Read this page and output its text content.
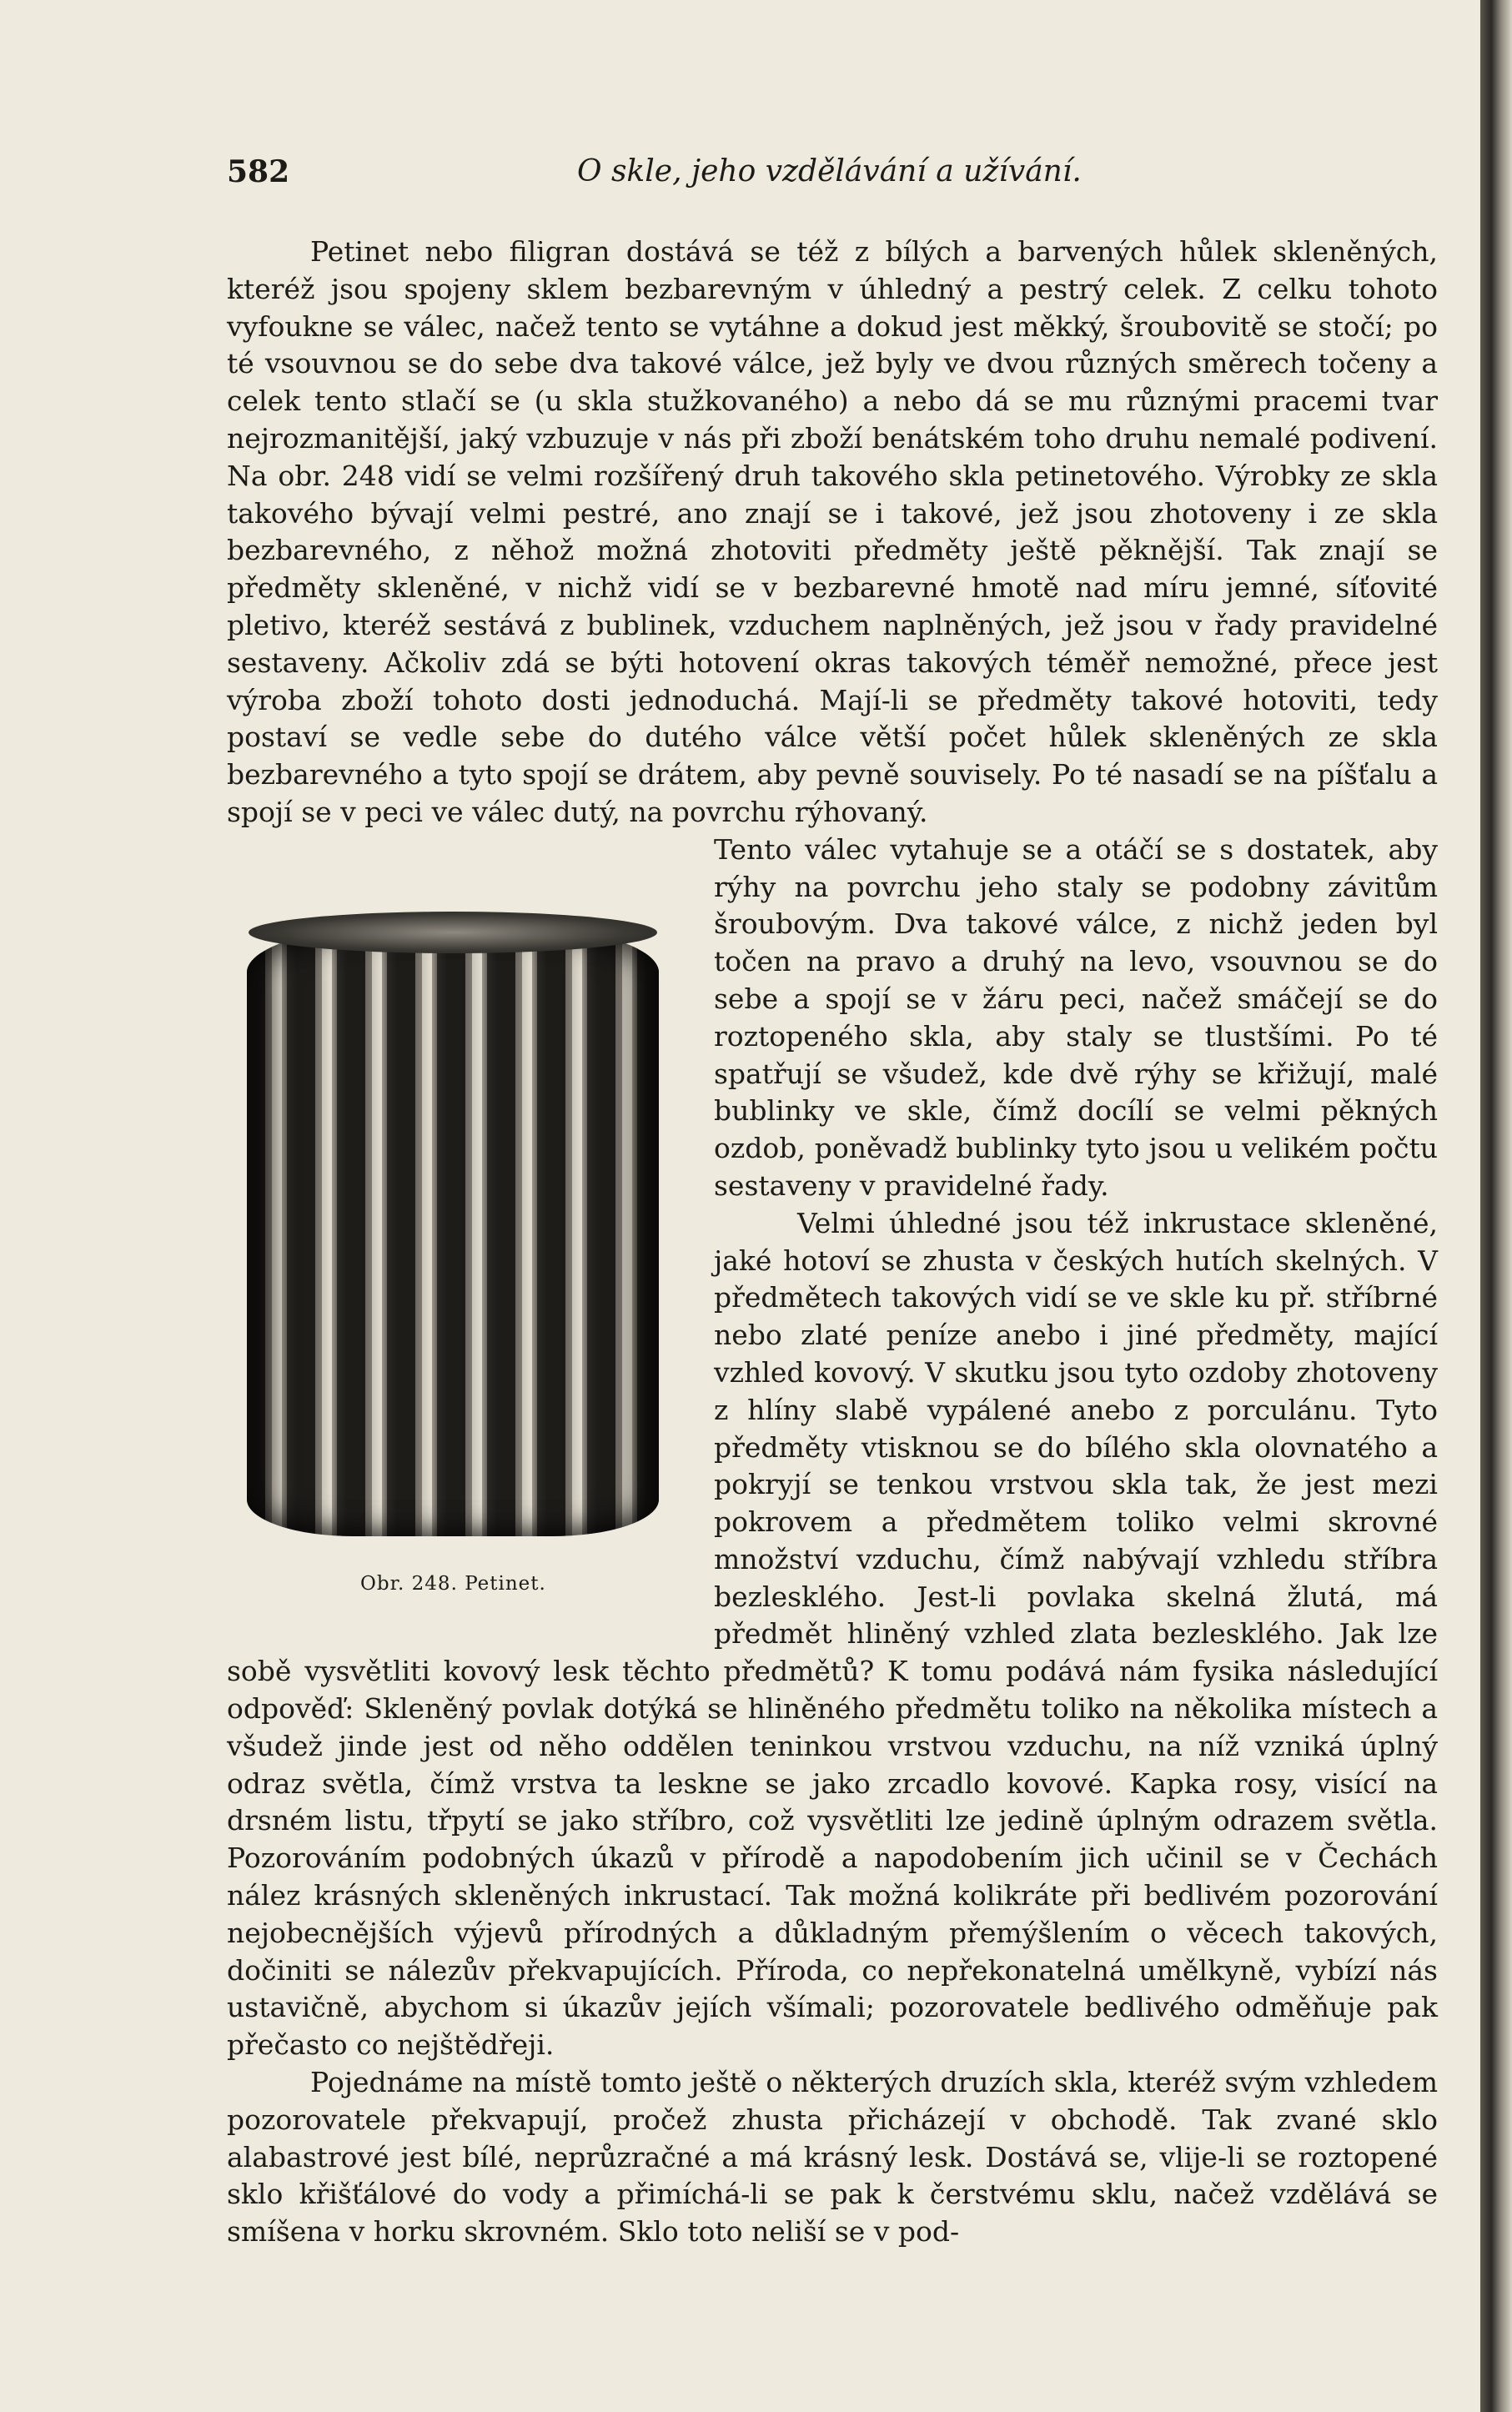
582	O skle, jeho vzdělávání a užívání.

Petinet nebo filigran dostává se též z bílých a barvených hůlek skleněných, kteréž jsou spojeny sklem bezbarevným v úhledný a pestrý celek. Z celku tohoto vyfoukne se válec, načež tento se vytáhne a dokud jest měkký, šroubovitě se stočí; po té vsouvnou se do sebe dva takové válce, jež byly ve dvou různých směrech točeny a celek tento stlačí se (u skla stužkovaného) a nebo dá se mu různými pracemi tvar nejrozmanitější, jaký vzbuzuje v nás při zboží benátském toho druhu nemalé podivení. Na obr. 248 vidí se velmi rozšířený druh takového skla petinetového. Výrobky ze skla takového bývají velmi pestré, ano znají se i takové, jež jsou zhotoveny i ze skla bezbarevného, z něhož možná zhotoviti předměty ještě pěknější. Tak znají se předměty skleněné, v nichž vidí se v bezbarevné hmotě nad míru jemné, síťovité pletivo, kteréž sestává z bublinek, vzduchem naplněných, jež jsou v řady pravidelné sestaveny. Ačkoliv zdá se býti hotovení okras takových téměř nemožné, přece jest výroba zboží tohoto dosti jednoduchá. Mají-li se předměty takové hotoviti, tedy postaví se vedle sebe do dutého válce větší počet hůlek skleněných ze skla bezbarevného a tyto spojí se drátem, aby pevně souvisely. Po té nasadí se na píšťalu a spojí se v peci ve válec dutý, na povrchu rýhovaný.

Obr. 248. Petinet.

Tento válec vytahuje se a otáčí se s dostatek, aby rýhy na povrchu jeho staly se podobny závitům šroubovým. Dva takové válce, z nichž jeden byl točen na pravo a druhý na levo, vsouvnou se do sebe a spojí se v žáru peci, načež smáčejí se do roztopeného skla, aby staly se tlustšími. Po té spatřují se všudež, kde dvě rýhy se křižují, malé bublinky ve skle, čímž docílí se velmi pěkných ozdob, poněvadž bublinky tyto jsou u velikém počtu sestaveny v pravidelné řady.

Velmi úhledné jsou též inkrustace skleněné, jaké hotoví se zhusta v českých hutích skelných. V předmětech takových vidí se ve skle ku př. stříbrné nebo zlaté peníze anebo i jiné předměty, mající vzhled kovový. V skutku jsou tyto ozdoby zhotoveny z hlíny slabě vypálené anebo z porculánu. Tyto předměty vtisknou se do bílého skla olovnatého a pokryjí se tenkou vrstvou skla tak, že jest mezi pokrovem a předmětem toliko velmi skrovné množství vzduchu, čímž nabývají vzhledu stříbra bezlesklého. Jest-li povlaka skelná žlutá, má předmět hliněný vzhled zlata bezlesklého. Jak lze sobě vysvětliti kovový lesk těchto předmětů? K tomu podává nám fysika následující odpověď: Skleněný povlak dotýká se hliněného předmětu toliko na několika místech a všudež jinde jest od něho oddělen teninkou vrstvou vzduchu, na níž vzniká úplný odraz světla, čímž vrstva ta leskne se jako zrcadlo kovové. Kapka rosy, visící na drsném listu, třpytí se jako stříbro, což vysvětliti lze jedině úplným odrazem světla. Pozorováním podobných úkazů v přírodě a napodobením jich učinil se v Čechách nález krásných skleněných inkrustací. Tak možná kolikráte při bedlivém pozorování nejobecnějších výjevů přírodných a důkladným přemýšlením o věcech takových, dočiniti se nálezův překvapujících. Příroda, co nepřekonatelná umělkyně, vybízí nás ustavičně, abychom si úkazův jejích všímali; pozorovatele bedlivého odměňuje pak přečasto co nejštědřeji.

Pojednáme na místě tomto ještě o některých druzích skla, kteréž svým vzhledem pozorovatele překvapují, pročež zhusta přicházejí v obchodě. Tak zvané sklo alabastrové jest bílé, neprůzračné a má krásný lesk. Dostává se, vlije-li se roztopené sklo křišťálové do vody a přimíchá-li se pak k čerstvému sklu, načež vzdělává se smíšena v horku skrovném. Sklo toto neliší se v pod-
